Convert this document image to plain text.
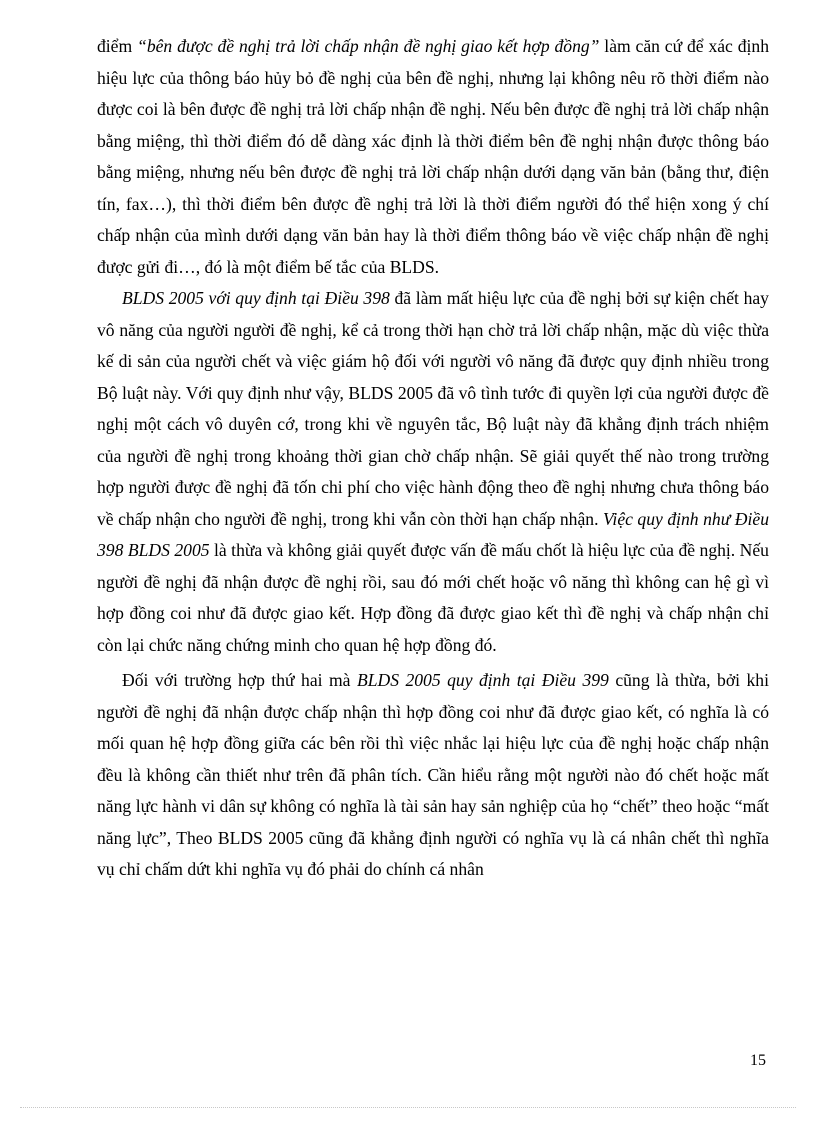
điểm “bên được đề nghị trả lời chấp nhận đề nghị giao kết hợp đồng” làm căn cứ để xác định hiệu lực của thông báo hủy bỏ đề nghị của bên đề nghị, nhưng lại không nêu rõ thời điểm nào được coi là bên được đề nghị trả lời chấp nhận đề nghị. Nếu bên được đề nghị trả lời chấp nhận bằng miệng, thì thời điểm đó dễ dàng xác định là thời điểm bên đề nghị nhận được thông báo bằng miệng, nhưng nếu bên được đề nghị trả lời chấp nhận dưới dạng văn bản (bằng thư, điện tín, fax…), thì thời điểm bên được đề nghị trả lời là thời điểm người đó thể hiện xong ý chí chấp nhận của mình dưới dạng văn bản hay là thời điểm thông báo về việc chấp nhận đề nghị được gửi đi…, đó là một điểm bế tắc của BLDS.

BLDS 2005 với quy định tại Điều 398 đã làm mất hiệu lực của đề nghị bởi sự kiện chết hay vô năng của người người đề nghị, kể cả trong thời hạn chờ trả lời chấp nhận, mặc dù việc thừa kế di sản của người chết và việc giám hộ đối với người vô năng đã được quy định nhiều trong Bộ luật này. Với quy định như vậy, BLDS 2005 đã vô tình tước đi quyền lợi của người được đề nghị một cách vô duyên cớ, trong khi về nguyên tắc, Bộ luật này đã khẳng định trách nhiệm của người đề nghị trong khoảng thời gian chờ chấp nhận. Sẽ giải quyết thế nào trong trường hợp người được đề nghị đã tốn chi phí cho việc hành động theo đề nghị nhưng chưa thông báo về chấp nhận cho người đề nghị, trong khi vẫn còn thời hạn chấp nhận. Việc quy định như Điều 398 BLDS 2005 là thừa và không giải quyết được vấn đề mấu chốt là hiệu lực của đề nghị. Nếu người đề nghị đã nhận được đề nghị rồi, sau đó mới chết hoặc vô năng thì không can hệ gì vì hợp đồng coi như đã được giao kết. Hợp đồng đã được giao kết thì đề nghị và chấp nhận chỉ còn lại chức năng chứng minh cho quan hệ hợp đồng đó.

Đối với trường hợp thứ hai mà BLDS 2005 quy định tại Điều 399 cũng là thừa, bởi khi người đề nghị đã nhận được chấp nhận thì hợp đồng coi như đã được giao kết, có nghĩa là có mối quan hệ hợp đồng giữa các bên rồi thì việc nhắc lại hiệu lực của đề nghị hoặc chấp nhận đều là không cần thiết như trên đã phân tích. Cần hiểu rằng một người nào đó chết hoặc mất năng lực hành vi dân sự không có nghĩa là tài sản hay sản nghiệp của họ “chết” theo hoặc “mất năng lực”, Theo BLDS 2005 cũng đã khẳng định người có nghĩa vụ là cá nhân chết thì nghĩa vụ chỉ chấm dứt khi nghĩa vụ đó phải do chính cá nhân

15
